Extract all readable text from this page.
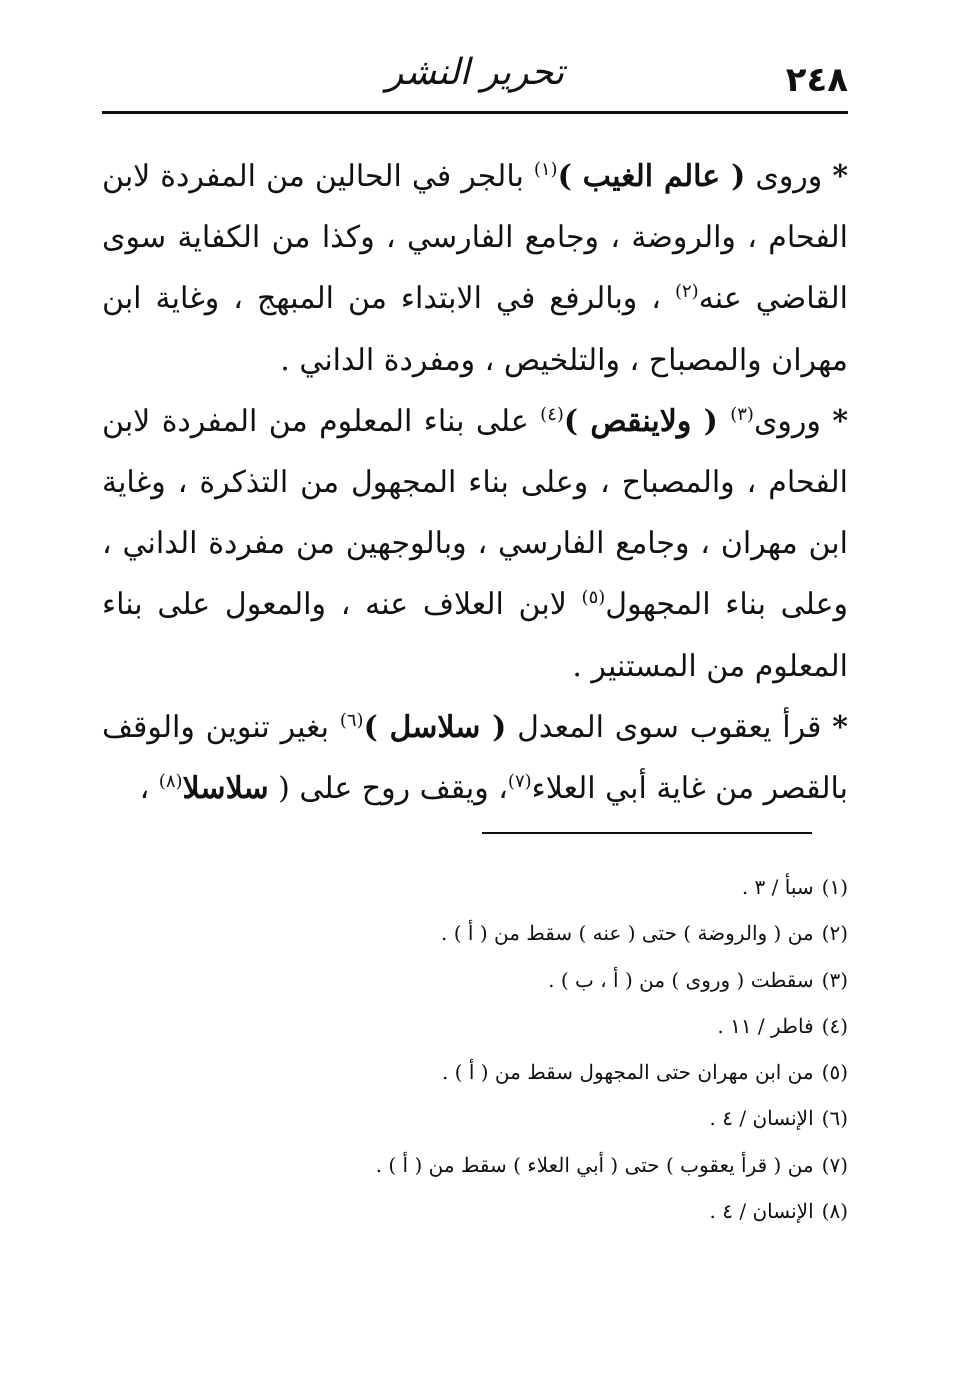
٢٤٨
تحرير النشر

* وروى ( عالم الغيب )$^{(١)}$ بالجر في الحالين من المفردة لابن الفحام ، والروضة ، وجامع الفارسي ، وكذا من الكفاية سوى القاضي عنه$^{(٢)}$ ، وبالرفع في الابتداء من المبهج ، وغاية ابن مهران والمصباح ، والتلخيص ، ومفردة الداني .

* وروى$^{(٣)}$ ( ولاينقص )$^{(٤)}$ على بناء المعلوم من المفردة لابن الفحام ، والمصباح ، وعلى بناء المجهول من التذكرة ، وغاية ابن مهران ، وجامع الفارسي ، وبالوجهين من مفردة الداني ، وعلى بناء المجهول$^{(٥)}$ لابن العلاف عنه ، والمعول على بناء المعلوم من المستنير .

* قرأ يعقوب سوى المعدل ( سلاسل )$^{(٦)}$ بغير تنوين والوقف بالقصر من غاية أبي العلاء$^{(٧)}$، ويقف روح على ( سلاسلا$^{(٨)}$ ،

(١)سبأ / ٣ .
(٢)من ( والروضة ) حتى ( عنه ) سقط من ( أ ) .
(٣)سقطت ( وروى ) من ( أ ، ب ) .
(٤)فاطر / ١١ .
(٥)من ابن مهران حتى المجهول سقط من ( أ ) .
(٦)الإنسان / ٤ .
(٧)من ( قرأ يعقوب ) حتى ( أبي العلاء ) سقط من ( أ ) .
(٨)الإنسان / ٤ .
